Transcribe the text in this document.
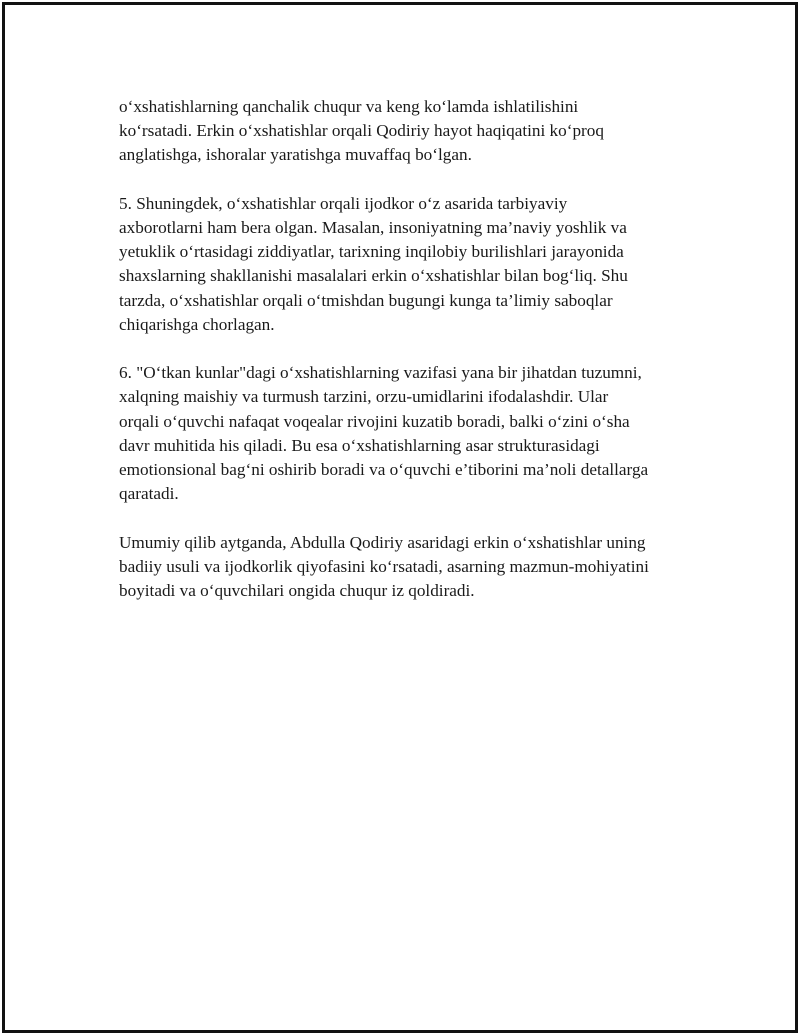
o‘xshatishlarning qanchalik chuqur va keng ko‘lamda ishlatilishini
ko‘rsatadi. Erkin o‘xshatishlar orqali Qodiriy hayot haqiqatini ko‘proq
anglatishga, ishoralar yaratishga muvaffaq bo‘lgan.

5. Shuningdek, o‘xshatishlar orqali ijodkor o‘z asarida tarbiyaviy
axborotlarni ham bera olgan. Masalan, insoniyatning ma’naviy yoshlik va
yetuklik o‘rtasidagi ziddiyatlar, tarixning inqilobiy burilishlari jarayonida
shaxslarning shakllanishi masalalari erkin o‘xshatishlar bilan bog‘liq. Shu
tarzda, o‘xshatishlar orqali o‘tmishdan bugungi kunga ta’limiy saboqlar
chiqarishga chorlagan.

6. "O‘tkan kunlar"dagi o‘xshatishlarning vazifasi yana bir jihatdan tuzumni,
xalqning maishiy va turmush tarzini, orzu-umidlarini ifodalashdir. Ular
orqali o‘quvchi nafaqat voqealar rivojini kuzatib boradi, balki o‘zini o‘sha
davr muhitida his qiladi. Bu esa o‘xshatishlarning asar strukturasidagi
emotionsional bag‘ni oshirib boradi va o‘quvchi e’tiborini ma’noli detallarga
qaratadi.

Umumiy qilib aytganda, Abdulla Qodiriy asaridagi erkin o‘xshatishlar uning
badiiy usuli va ijodkorlik qiyofasini ko‘rsatadi, asarning mazmun-mohiyatini
boyitadi va o‘quvchilari ongida chuqur iz qoldiradi.
